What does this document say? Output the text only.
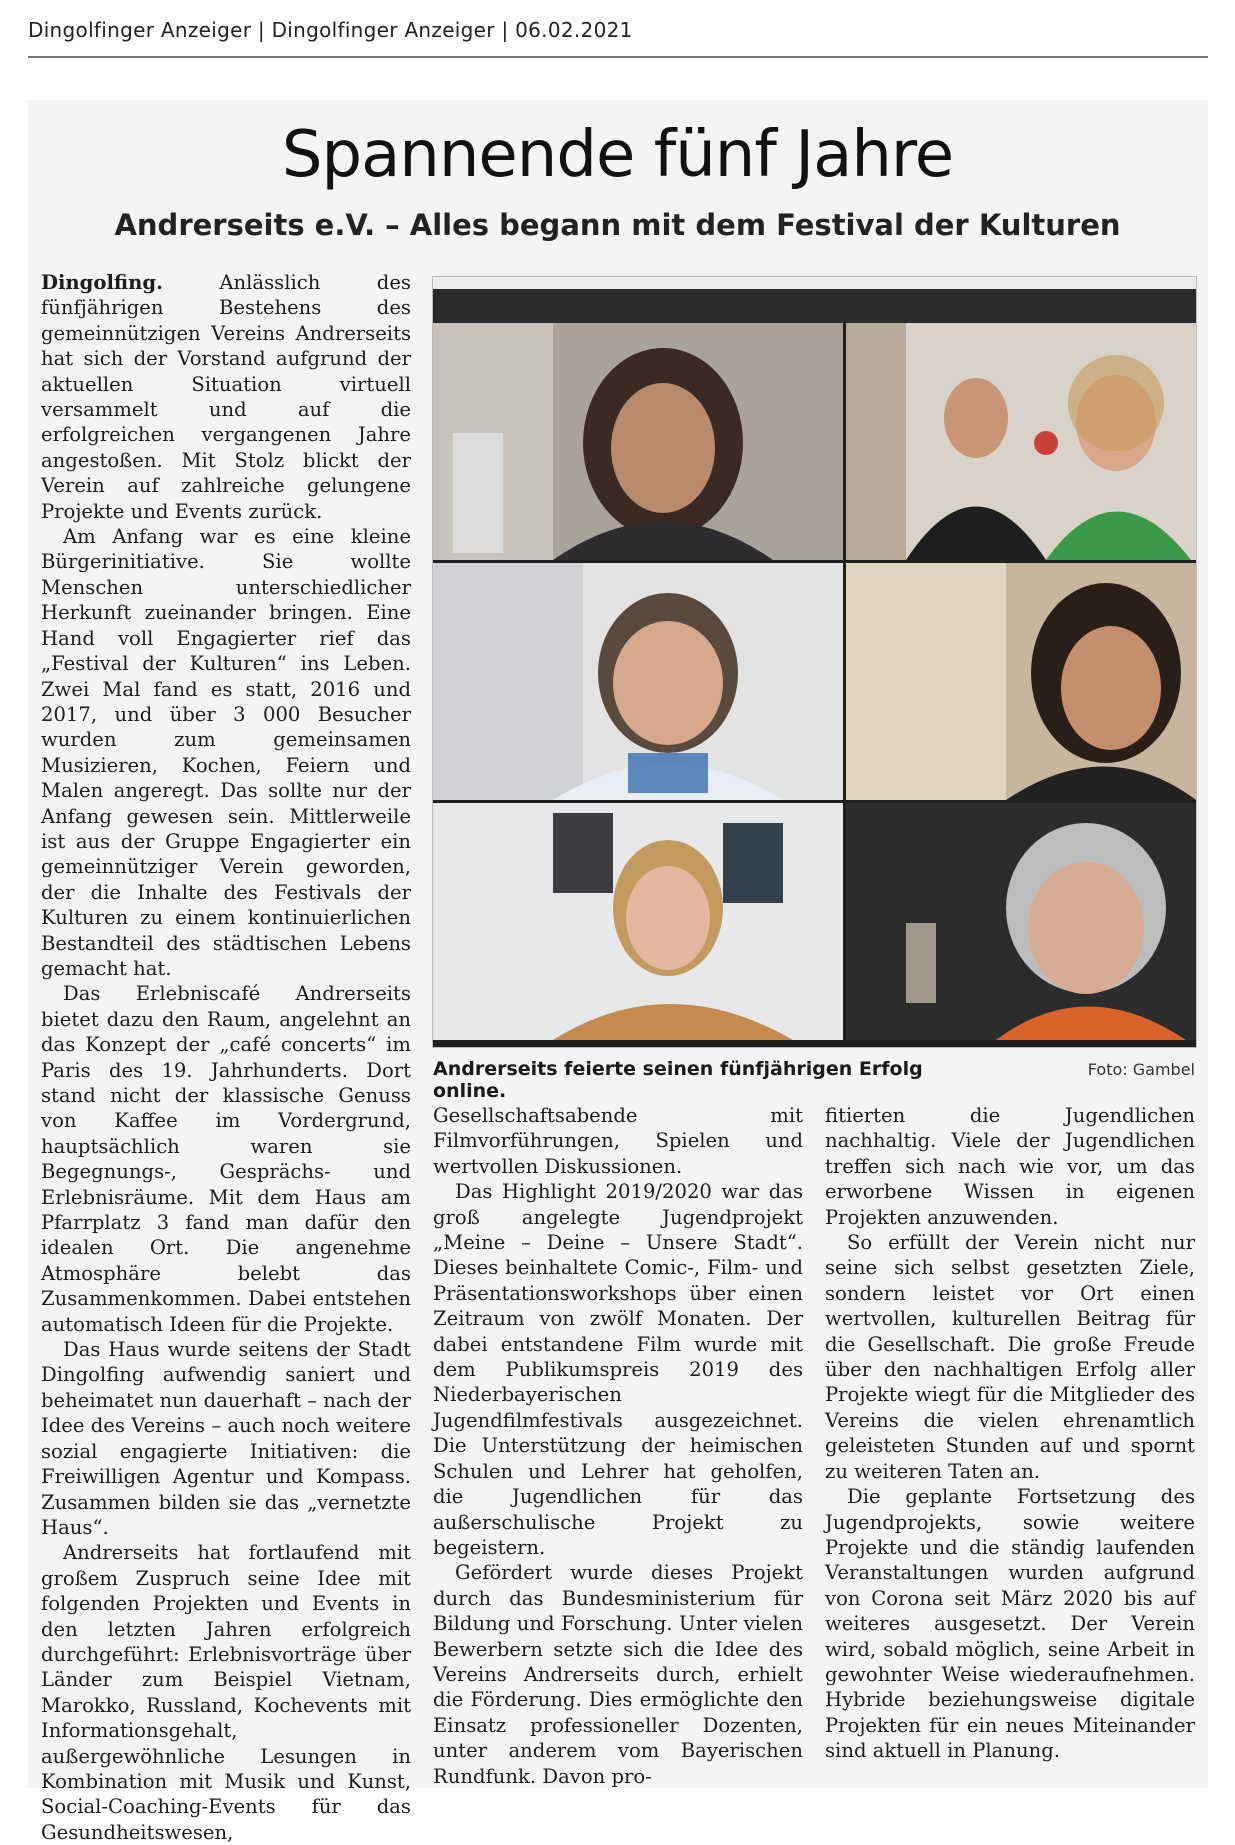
Dingolfinger Anzeiger | Dingolfinger Anzeiger | 06.02.2021
Spannende fünf Jahre
Andrerseits e.V. – Alles begann mit dem Festival der Kulturen

Dingolfing.	Anlässlich des fünfjährigen Bestehens des gemeinnützigen Vereins Andrerseits hat sich der Vorstand aufgrund der aktuellen Situation virtuell versammelt und auf die erfolgreichen vergangenen Jahre angestoßen. Mit Stolz blickt der Verein auf zahlreiche gelungene Projekte und Events zurück.

Am Anfang war es eine kleine Bürgerinitiative. Sie wollte Menschen unterschiedlicher Herkunft zueinander bringen. Eine Hand voll Engagierter rief das „Festival der Kulturen“ ins Leben. Zwei Mal fand es statt, 2016 und 2017, und über 3 000 Besucher wurden zum gemeinsamen Musizieren, Kochen, Feiern und Malen angeregt. Das sollte nur der Anfang gewesen sein. Mittlerweile ist aus der Gruppe Engagierter ein gemeinnütziger Verein geworden, der die Inhalte des Festivals der Kulturen zu einem kontinuierlichen Bestandteil des städtischen Lebens gemacht hat.

Das Erlebniscafé Andrerseits bietet dazu den Raum, angelehnt an das Konzept der „café concerts“ im Paris des 19. Jahrhunderts. Dort stand nicht der klassische Genuss von Kaffee im Vordergrund, hauptsächlich waren sie Begegnungs-, Gesprächs- und Erlebnisräume. Mit dem Haus am Pfarrplatz 3 fand man dafür den idealen Ort. Die angenehme Atmosphäre belebt das Zusammenkommen. Dabei entstehen automatisch Ideen für die Projekte.

Das Haus wurde seitens der Stadt Dingolfing aufwendig saniert und beheimatet nun dauerhaft – nach der Idee des Vereins – auch noch weitere sozial engagierte Initiativen: die Freiwilligen Agentur und Kompass. Zusammen bilden sie das „vernetzte Haus“.

Andrerseits hat fortlaufend mit großem Zuspruch seine Idee mit folgenden Projekten und Events in den letzten Jahren erfolgreich durchgeführt: Erlebnisvorträge über Länder zum Beispiel Vietnam, Marokko, Russland, Kochevents mit Informationsgehalt, außergewöhnliche Lesungen in Kombination mit Musik und Kunst, Social-Coaching-Events für das Gesundheitswesen,

Andrerseits feierte seinen fünfjährigen Erfolg online.
Foto: Gambel

Gesellschaftsabende mit Filmvorführungen, Spielen und wertvollen Diskussionen.

Das Highlight 2019/2020 war das groß angelegte Jugendprojekt „Meine – Deine – Unsere Stadt“. Dieses beinhaltete Comic-, Film- und Präsentationsworkshops über einen Zeitraum von zwölf Monaten. Der dabei entstandene Film wurde mit dem Publikumspreis 2019 des Niederbayerischen Jugendfilmfestivals ausgezeichnet. Die Unterstützung der heimischen Schulen und Lehrer hat geholfen, die Jugendlichen für das außerschulische Projekt zu begeistern.

Gefördert wurde dieses Projekt durch das Bundesministerium für Bildung und Forschung. Unter vielen Bewerbern setzte sich die Idee des Vereins Andrerseits durch, erhielt die Förderung. Dies ermöglichte den Einsatz professioneller Dozenten, unter anderem vom Bayerischen Rundfunk. Davon pro-

fitierten die Jugendlichen nachhaltig. Viele der Jugendlichen treffen sich nach wie vor, um das erworbene Wissen in eigenen Projekten anzuwenden.

So erfüllt der Verein nicht nur seine sich selbst gesetzten Ziele, sondern leistet vor Ort einen wertvollen, kulturellen Beitrag für die Gesellschaft. Die große Freude über den nachhaltigen Erfolg aller Projekte wiegt für die Mitglieder des Vereins die vielen ehrenamtlich geleisteten Stunden auf und spornt zu weiteren Taten an.

Die geplante Fortsetzung des Jugendprojekts, sowie weitere Projekte und die ständig laufenden Veranstaltungen wurden aufgrund von Corona seit März 2020 bis auf weiteres ausgesetzt. Der Verein wird, sobald möglich, seine Arbeit in gewohnter Weise wiederaufnehmen. Hybride beziehungsweise digitale Projekten für ein neues Miteinander sind aktuell in Planung.
